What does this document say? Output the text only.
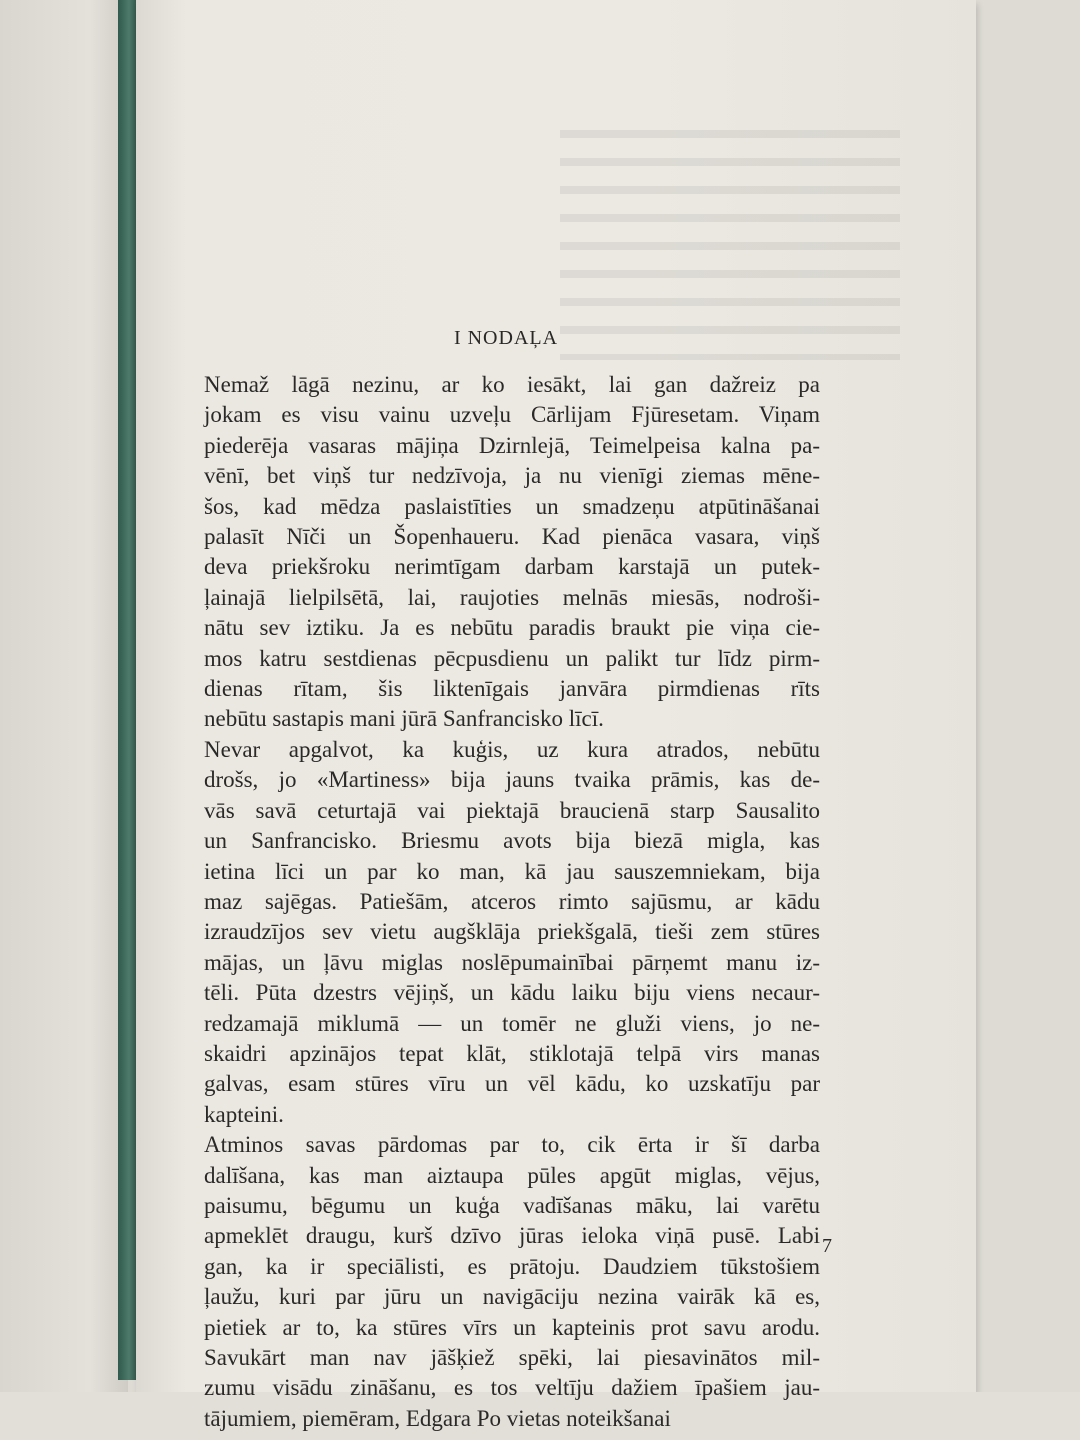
I NODAĻA
Nemaž lāgā nezinu, ar ko iesākt, lai gan dažreiz pa
jokam es visu vainu uzveļu Cārlijam Fjūresetam. Viņam
piederēja vasaras mājiņa Dzirnlejā, Teimelpeisa kalna pa-
vēnī, bet viņš tur nedzīvoja, ja nu vienīgi ziemas mēne-
šos, kad mēdza paslaistīties un smadzeņu atpūtināšanai
palasīt Nīči un Šopenhaueru. Kad pienāca vasara, viņš
deva priekšroku nerimtīgam darbam karstajā un putek-
ļainajā lielpilsētā, lai, raujoties melnās miesās, nodroši-
nātu sev iztiku. Ja es nebūtu paradis braukt pie viņa cie-
mos katru sestdienas pēcpusdienu un palikt tur līdz pirm-
dienas rītam, šis liktenīgais janvāra pirmdienas rīts
nebūtu sastapis mani jūrā Sanfrancisko līcī.
Nevar apgalvot, ka kuģis, uz kura atrados, nebūtu
drošs, jo «Martiness» bija jauns tvaika prāmis, kas de-
vās savā ceturtajā vai piektajā braucienā starp Sausalito
un Sanfrancisko. Briesmu avots bija biezā migla, kas
ietina līci un par ko man, kā jau sauszemniekam, bija
maz sajēgas. Patiešām, atceros rimto sajūsmu, ar kādu
izraudzījos sev vietu augšklāja priekšgalā, tieši zem stūres
mājas, un ļāvu miglas noslēpumainībai pārņemt manu iz-
tēli. Pūta dzestrs vējiņš, un kādu laiku biju viens necaur-
redzamajā miklumā — un tomēr ne gluži viens, jo ne-
skaidri apzinājos tepat klāt, stiklotajā telpā virs manas
galvas, esam stūres vīru un vēl kādu, ko uzskatīju par
kapteini.
Atminos savas pārdomas par to, cik ērta ir šī darba
dalīšana, kas man aiztaupa pūles apgūt miglas, vējus,
paisumu, bēgumu un kuģa vadīšanas māku, lai varētu
apmeklēt draugu, kurš dzīvo jūras ieloka viņā pusē. Labi
gan, ka ir speciālisti, es prātoju. Daudziem tūkstošiem
ļaužu, kuri par jūru un navigāciju nezina vairāk kā es,
pietiek ar to, ka stūres vīrs un kapteinis prot savu arodu.
Savukārt man nav jāšķiež spēki, lai piesavinātos mil-
zumu visādu zināšanu, es tos veltīju dažiem īpašiem jau-
tājumiem, piemēram, Edgara Po vietas noteikšanai
7
